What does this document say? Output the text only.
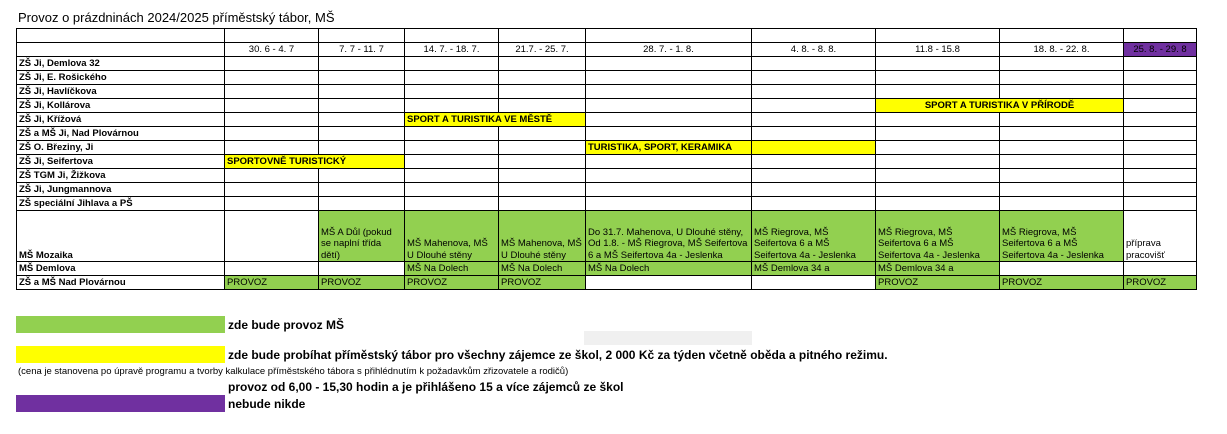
Provoz o prázdninách 2024/2025 příměstský tábor, MŠ

	30. 6 - 4. 7	7. 7 - 11. 7	14. 7. - 18. 7.	21.7. - 25. 7.	28. 7. - 1. 8.	4. 8. - 8. 8.	11.8 - 15.8	18. 8. - 22. 8.	25. 8. - 29. 8
ZŠ Ji, Demlova 32									
ZŠ Ji, E. Rošického									
ZŠ Ji, Havlíčkova									
ZŠ Ji, Kollárova							SPORT A TURISTIKA V PŘÍRODĚ		
ZŠ Ji, Křížová			SPORT A TURISTIKA VE MĚSTĚ						
ZŠ a MŠ Ji, Nad Plovárnou									
ZŠ O. Březiny, Ji					TURISTIKA, SPORT, KERAMIKA				
ZŠ Ji, Seifertova	SPORTOVNĚ TURISTICKÝ								
ZŠ TGM Ji, Žižkova									
ZŠ Ji, Jungmannova									
ZŠ speciální Jihlava a PŠ									
MŠ Mozaika		MŠ A Důl (pokud se naplní třída dětí)	MŠ Mahenova, MŠ U Dlouhé stěny	MŠ Mahenova, MŠ U Dlouhé stěny	Do 31.7. Mahenova, U Dlouhé stěny, Od 1.8. - MŠ Riegrova, MŠ Seifertova 6 a MŠ Seifertova 4a - Jeslenka	MŠ Riegrova, MŠ Seifertova 6 a MŠ Seifertova 4a - Jeslenka	MŠ Riegrova, MŠ Seifertova 6 a MŠ Seifertova 4a - Jeslenka	MŠ Riegrova, MŠ Seifertova 6 a MŠ Seifertova 4a - Jeslenka	příprava pracovišť
MŠ Demlova			MŠ Na Dolech	MŠ Na Dolech	MŠ Na Dolech	MŠ Demlova 34 a	MŠ Demlova 34 a		
ZŠ a MŠ Nad Plovárnou	PROVOZ	PROVOZ	PROVOZ	PROVOZ			PROVOZ	PROVOZ	PROVOZ
zde bude provoz MŠ
zde bude probíhat příměstský tábor pro všechny zájemce ze škol, 2 000 Kč za týden včetně oběda a pitného režimu.
(cena je stanovena po úpravě programu a tvorby kalkulace příměstského tábora s přihlédnutím k požadavkům zřizovatele a rodičů)
provoz od 6,00 - 15,30 hodin a je přihlášeno 15 a více zájemců ze škol
nebude nikde
